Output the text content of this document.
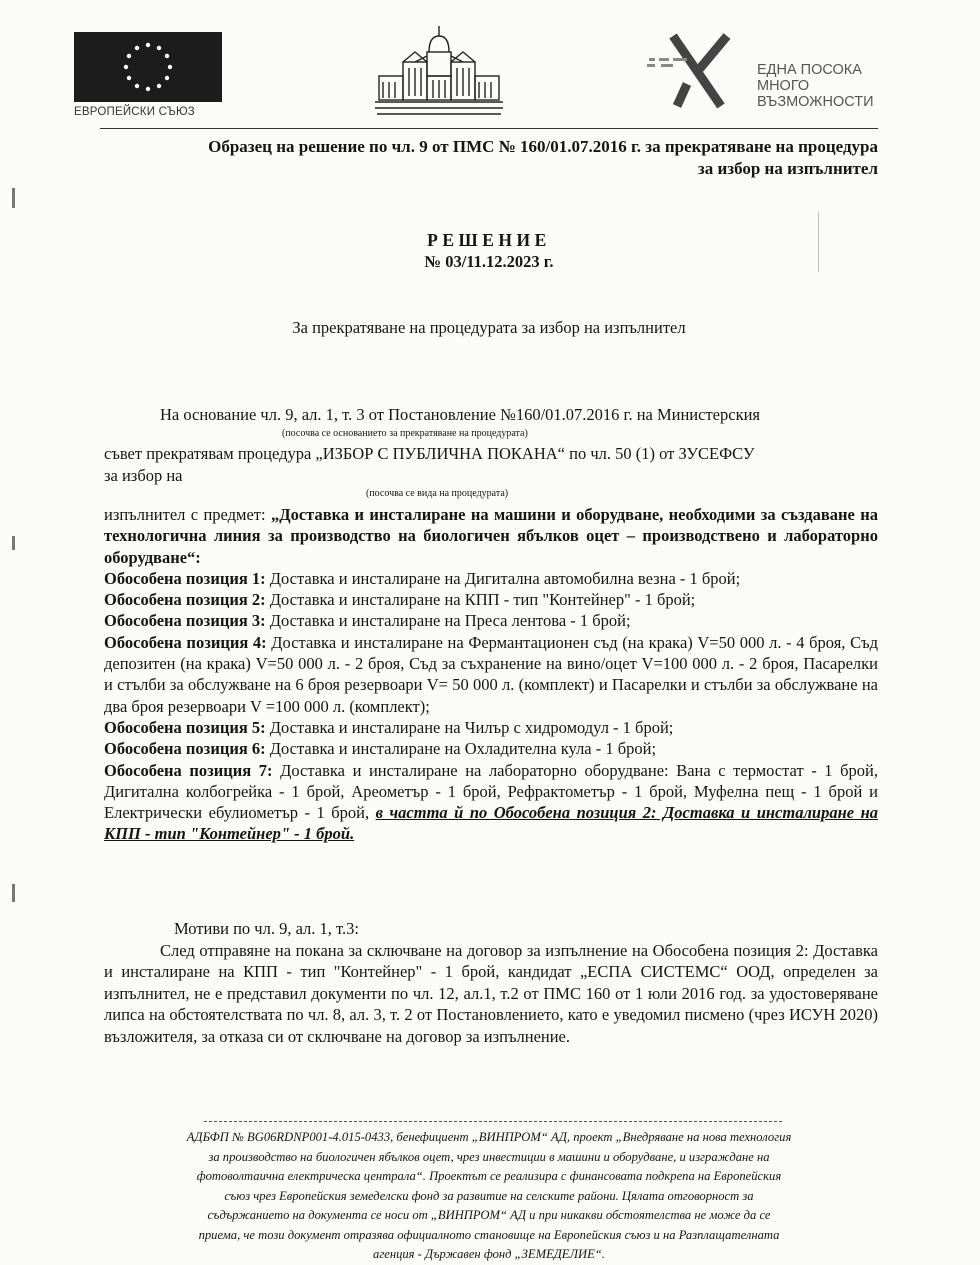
ЕВРОПЕЙСКИ СЪЮЗ
ЕДНА ПОСОКА
МНОГО ВЪЗМОЖНОСТИ
Образец на решение по чл. 9 от ПМС № 160/01.07.2016 г. за прекратяване на процедура
за избор на изпълнител
РЕШЕНИЕ
№ 03/11.12.2023 г.
За прекратяване на процедурата за избор на изпълнител
На основание чл. 9, ал. 1, т. 3 от Постановление №160/01.07.2016 г. на Министерския
(посочва се основанието за прекратяване на процедурата)
съвет прекратявам процедура „ИЗБОР С ПУБЛИЧНА ПОКАНА“ по чл. 50 (1) от ЗУСЕФСУ
за избор на
(посочва се вида на процедурата)

изпълнител с предмет: „Доставка и инсталиране на машини и оборудване, необходими за създаване на технологична линия за производство на биологичен ябълков оцет – производствено и лабораторно оборудване“:

Обособена позиция 1: Доставка и инсталиране на Дигитална автомобилна везна - 1 брой;

Обособена позиция 2: Доставка и инсталиране на КПП - тип "Контейнер" - 1 брой;

Обособена позиция 3: Доставка и инсталиране на Преса лентова - 1 брой;

Обособена позиция 4: Доставка и инсталиране на Фермантационен съд (на крака) V=50 000 л. - 4 броя, Съд депозитен (на крака) V=50 000 л. - 2 броя, Съд за съхранение на вино/оцет V=100 000 л. - 2 броя, Пасарелки и стълби за обслужване на 6 броя резервоари V= 50 000 л. (комплект) и Пасарелки и стълби за обслужване на два броя резервоари V =100 000 л. (комплект);

Обособена позиция 5: Доставка и инсталиране на Чилър с хидромодул - 1 брой;

Обособена позиция 6: Доставка и инсталиране на Охладителна кула - 1 брой;

Обособена позиция 7: Доставка и инсталиране на лабораторно оборудване: Вана с термостат - 1 брой, Дигитална колбогрейка - 1 брой, Ареометър - 1 брой, Рефрактометър - 1 брой, Муфелна пещ - 1 брой и Електрически ебулиометър - 1 брой, в частта й по Обособена позиция 2: Доставка и инсталиране на КПП - тип "Контейнер" - 1 брой.

Мотиви по чл. 9, ал. 1, т.3:

След отправяне на покана за сключване на договор за изпълнение на Обособена позиция 2: Доставка и инсталиране на КПП - тип "Контейнер" - 1 брой, кандидат „ЕСПА СИСТЕМС“ ООД, определен за изпълнител, не е представил документи по чл. 12, ал.1, т.2 от ПМС 160 от 1 юли 2016 год. за удостоверяване липса на обстоятелствата по чл. 8, ал. 3, т. 2 от Постановлението, като е уведомил писмено (чрез ИСУН 2020) възложителя, за отказа си от сключване на договор за изпълнение.

АДБФП № BG06RDNP001-4.015-0433, бенефициент „ВИНПРОМ“ АД, проект „Внедряване на нова технология
за производство на биологичен ябълков оцет, чрез инвестиции в машини и оборудване, и изграждане на
фотоволтаична електрическа централа“. Проектът се реализира с финансовата подкрепа на Европейския
съюз чрез Европейския земеделски фонд за развитие на селските райони. Цялата отговорност за
съдържанието на документа се носи от „ВИНПРОМ“ АД и при никакви обстоятелства не може да се
приема, че този документ отразява официалното становище на Европейския съюз и на Разплащателната
агенция - Държавен фонд „ЗЕМЕДЕЛИЕ“.
